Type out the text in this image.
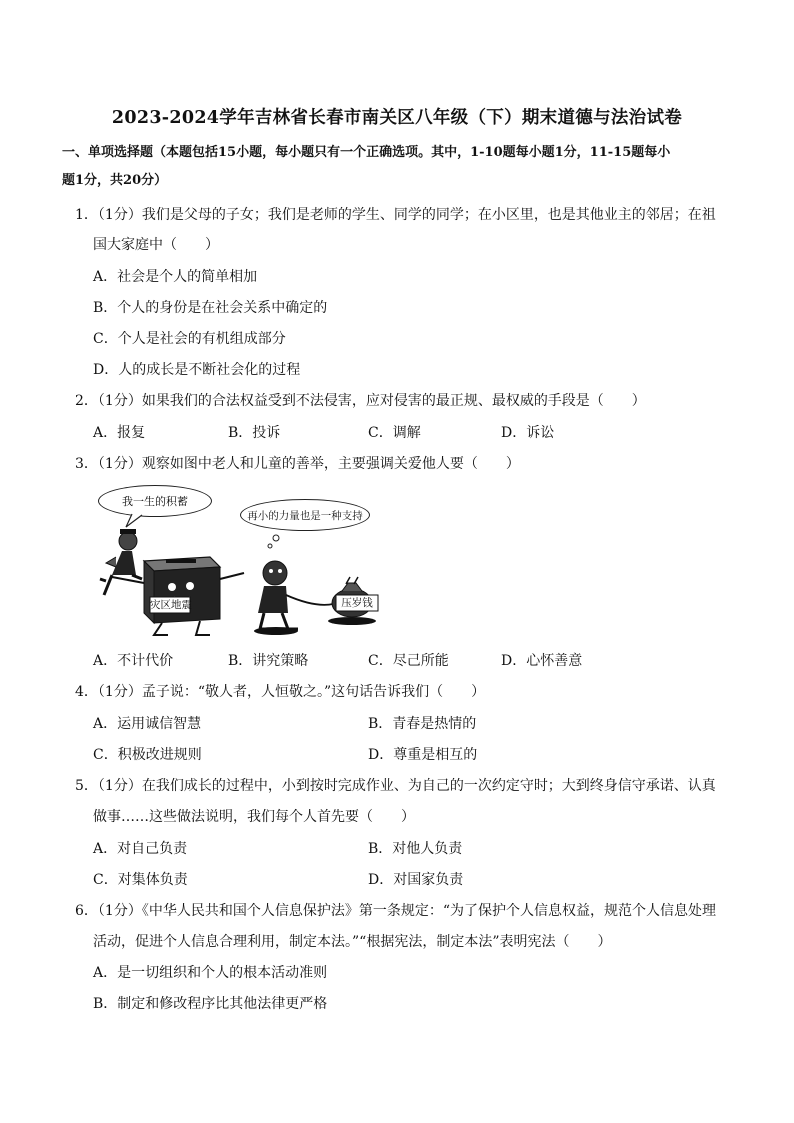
2023-2024学年吉林省长春市南关区八年级（下）期末道德与法治试卷
一、单项选择题（本题包括15小题，每小题只有一个正确选项。其中，1-10题每小题1分，11-15题每小
题1分，共20分）
1．（1分）我们是父母的子女；我们是老师的学生、同学的同学；在小区里，也是其他业主的邻居；在祖
国大家庭中（　　）
A．社会是个人的简单相加
B．个人的身份是在社会关系中确定的
C．个人是社会的有机组成部分
D．人的成长是不断社会化的过程
2．（1分）如果我们的合法权益受到不法侵害，应对侵害的最正规、最权威的手段是（　　）
A．报复	B．投诉	C．调解	D．诉讼
3．（1分）观察如图中老人和儿童的善举，主要强调关爱他人要（　　）
我一生的积蓄
再小的力量也是一种支持
灾区地震	压岁钱
A．不计代价	B．讲究策略	C．尽己所能	D．心怀善意
4．（1分）孟子说：“敬人者，人恒敬之。”这句话告诉我们（　　）
A．运用诚信智慧	B．青春是热情的
C．积极改进规则	D．尊重是相互的
5．（1分）在我们成长的过程中，小到按时完成作业、为自己的一次约定守时；大到终身信守承诺、认真
做事……这些做法说明，我们每个人首先要（　　）
A．对自己负责	B．对他人负责
C．对集体负责	D．对国家负责
6．（1分）《中华人民共和国个人信息保护法》第一条规定：“为了保护个人信息权益，规范个人信息处理
活动，促进个人信息合理利用，制定本法。”“根据宪法，制定本法”表明宪法（　　）
A．是一切组织和个人的根本活动准则
B．制定和修改程序比其他法律更严格
